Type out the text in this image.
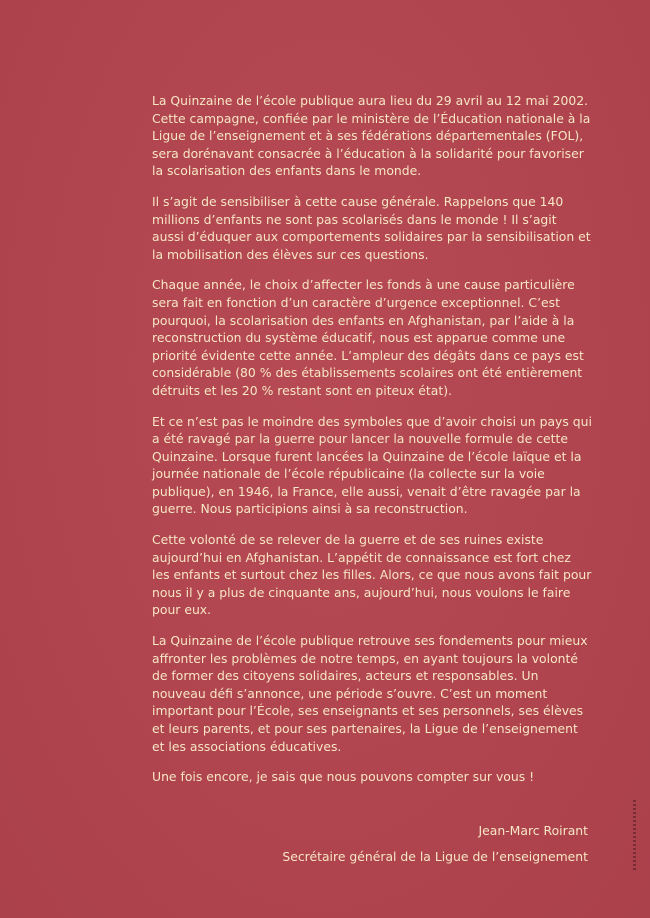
La Quinzaine de l’école publique aura lieu du 29 avril au 12 mai 2002. Cette campagne, confiée par le ministère de l’Éducation nationale à la Ligue de l’enseignement et à ses fédérations départementales (FOL), sera dorénavant consacrée à l’éducation à la solidarité pour favoriser la scolarisation des enfants dans le monde.

Il s’agit de sensibiliser à cette cause générale. Rappelons que 140 millions d’enfants ne sont pas scolarisés dans le monde ! Il s’agit aussi d’éduquer aux comportements solidaires par la sensibilisation et la mobilisation des élèves sur ces questions.

Chaque année, le choix d’affecter les fonds à une cause particulière sera fait en fonction d’un caractère d’urgence exceptionnel. C’est pourquoi, la scolarisation des enfants en Afghanistan, par l’aide à la reconstruction du système éducatif, nous est apparue comme une priorité évidente cette année. L’ampleur des dégâts dans ce pays est considérable (80 % des établissements scolaires ont été entièrement détruits et les 20 % restant sont en piteux état).

Et ce n’est pas le moindre des symboles que d’avoir choisi un pays qui a été ravagé par la guerre pour lancer la nouvelle formule de cette Quinzaine. Lorsque furent lancées la Quinzaine de l’école laïque et la journée nationale de l’école républicaine (la collecte sur la voie publique), en 1946, la France, elle aussi, venait d’être ravagée par la guerre. Nous participions ainsi à sa reconstruction.

Cette volonté de se relever de la guerre et de ses ruines existe aujourd’hui en Afghanistan. L’appétit de connaissance est fort chez les enfants et surtout chez les filles. Alors, ce que nous avons fait pour nous il y a plus de cinquante ans, aujourd’hui, nous voulons le faire pour eux.

La Quinzaine de l’école publique retrouve ses fondements pour mieux affronter les problèmes de notre temps, en ayant toujours la volonté de former des citoyens solidaires, acteurs et responsables. Un nouveau défi s’annonce, une période s’ouvre. C’est un moment important pour l’École, ses enseignants et ses personnels, ses élèves et leurs parents, et pour ses partenaires, la Ligue de l’enseignement et les associations éducatives.

Une fois encore, je sais que nous pouvons compter sur vous !

Jean-Marc Roirant

Secrétaire général de la Ligue de l’enseignement
